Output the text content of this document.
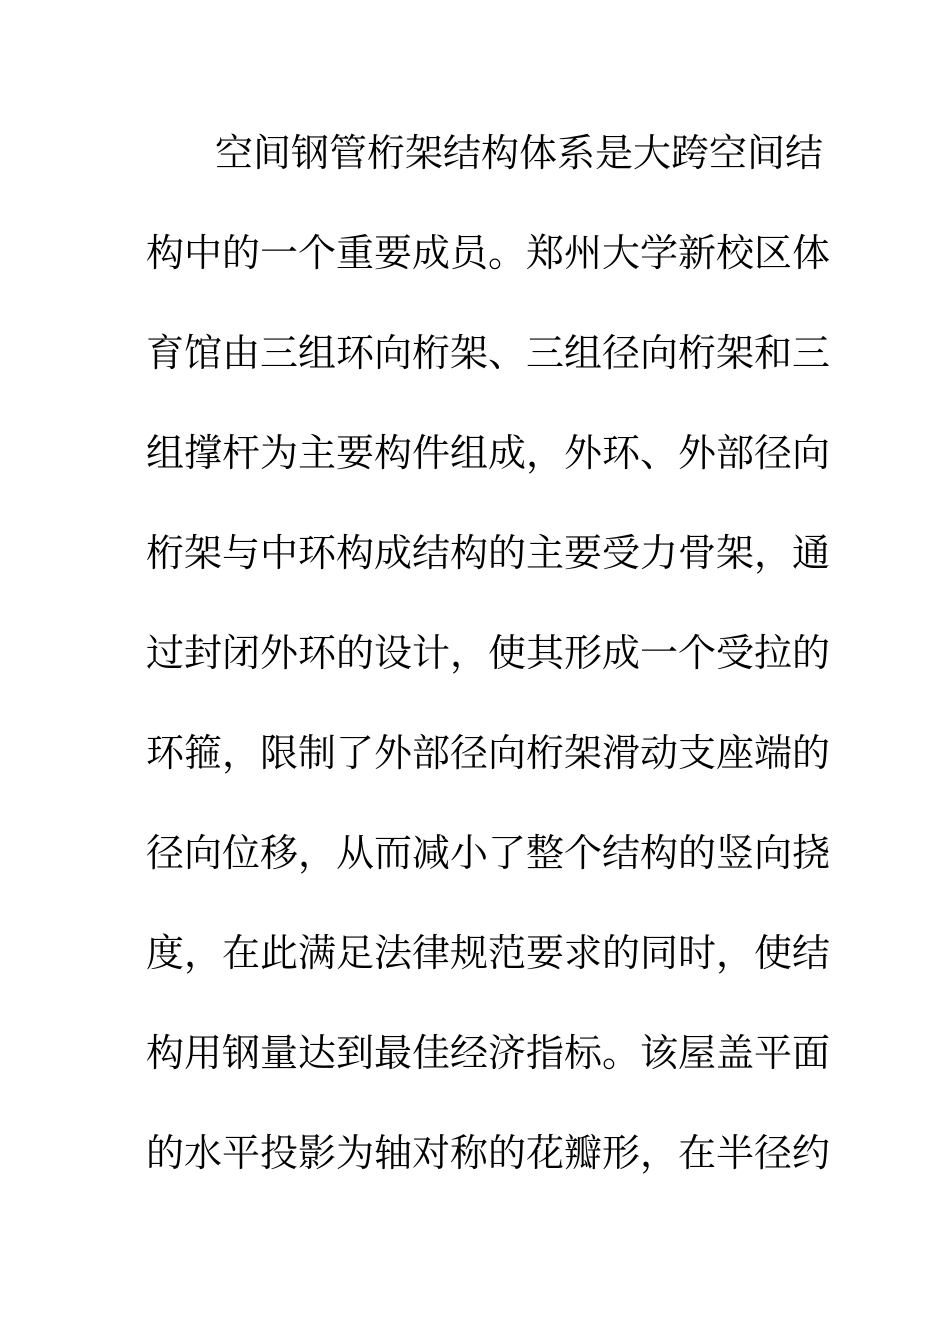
空间钢管桁架结构体系是大跨空间结
构中的一个重要成员。郑州大学新校区体
育馆由三组环向桁架、三组径向桁架和三
组撑杆为主要构件组成，外环、外部径向
桁架与中环构成结构的主要受力骨架，通
过封闭外环的设计，使其形成一个受拉的
环箍，限制了外部径向桁架滑动支座端的
径向位移，从而减小了整个结构的竖向挠
度，在此满足法律规范要求的同时，使结
构用钢量达到最佳经济指标。该屋盖平面
的水平投影为轴对称的花瓣形，在半径约
